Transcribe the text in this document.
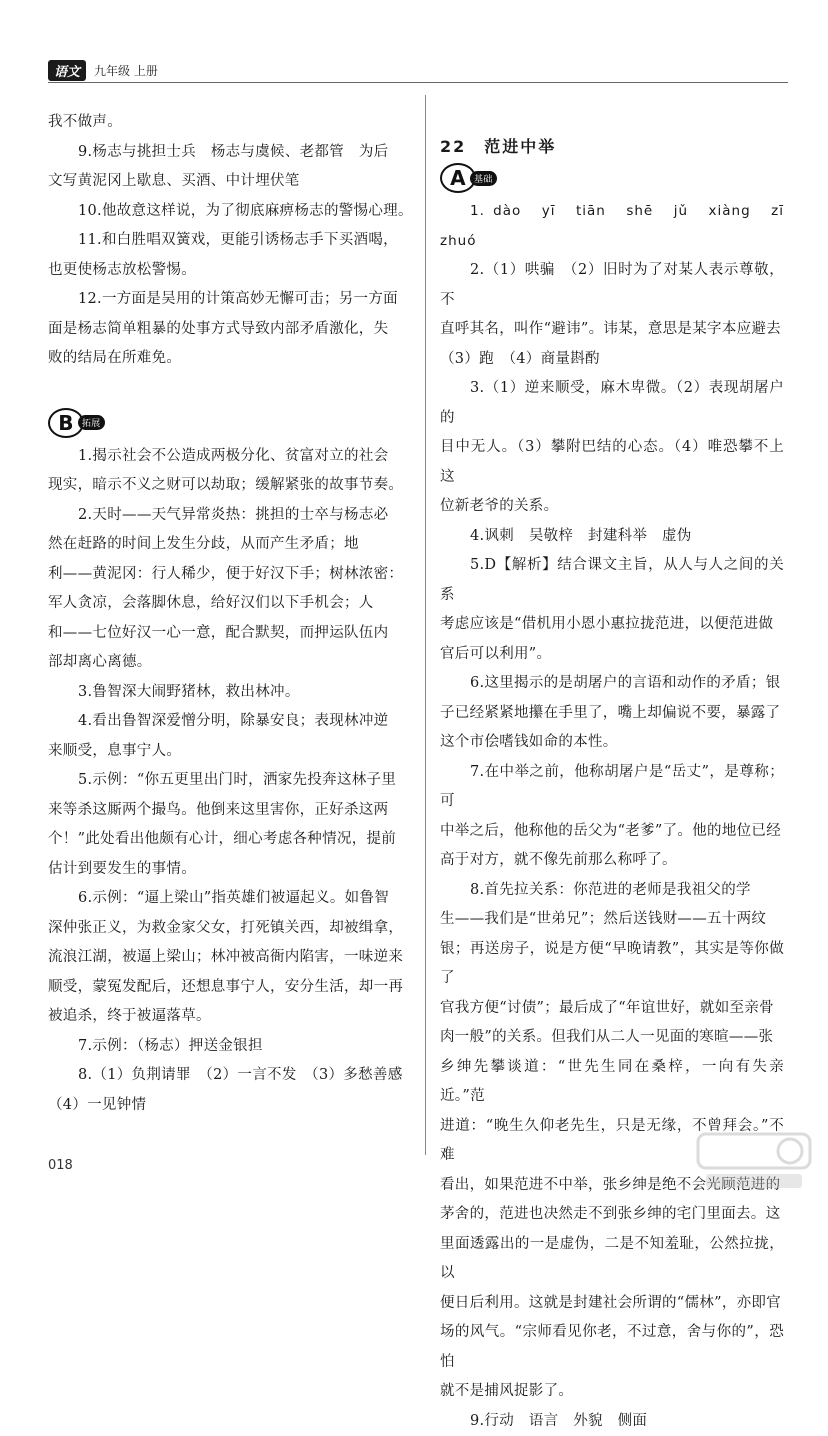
语文	九年级 上册

我不做声。

9.杨志与挑担士兵　杨志与虞候、老都管　为后

文写黄泥冈上歇息、买酒、中计埋伏笔

10.他故意这样说，为了彻底麻痹杨志的警惕心理。

11.和白胜唱双簧戏，更能引诱杨志手下买酒喝，

也更使杨志放松警惕。

12.一方面是吴用的计策高妙无懈可击；另一方面

面是杨志简单粗暴的处事方式导致内部矛盾激化，失

败的结局在所难免。

B 拓展

1.揭示社会不公造成两极分化、贫富对立的社会

现实，暗示不义之财可以劫取；缓解紧张的故事节奏。

2.天时——天气异常炎热：挑担的士卒与杨志必

然在赶路的时间上发生分歧，从而产生矛盾；地

利——黄泥冈：行人稀少，便于好汉下手；树林浓密：

军人贪凉，会落脚休息，给好汉们以下手机会；人

和——七位好汉一心一意，配合默契，而押运队伍内

部却离心离德。

3.鲁智深大闹野猪林，救出林冲。

4.看出鲁智深爱憎分明，除暴安良；表现林冲逆

来顺受，息事宁人。

5.示例：“你五更里出门时，洒家先投奔这林子里

来等杀这厮两个撮鸟。他倒来这里害你，正好杀这两

个！”此处看出他颇有心计，细心考虑各种情况，提前

估计到要发生的事情。

6.示例：“逼上梁山”指英雄们被逼起义。如鲁智

深仲张正义，为救金家父女，打死镇关西，却被缉拿，

流浪江湖，被逼上梁山；林冲被高衙内陷害，一味逆来

顺受，蒙冤发配后，还想息事宁人，安分生活，却一再

被追杀，终于被逼落草。

7.示例：（杨志）押送金银担

8.（1）负荆请罪　（2）一言不发　（3）多愁善感

（4）一见钟情

22　范进中举

A 基础

1. dào　yī　tiān　shē　jǔ　xiàng　zī　zhuó

2.（1）哄骗　（2）旧时为了对某人表示尊敬，不

直呼其名，叫作“避讳”。讳某，意思是某字本应避去

（3）跑　（4）商量斟酌

3.（1）逆来顺受，麻木卑微。（2）表现胡屠户的

目中无人。（3）攀附巴结的心态。（4）唯恐攀不上这

位新老爷的关系。

4.讽刺　吴敬梓　封建科举　虚伪

5.D【解析】结合课文主旨，从人与人之间的关系

考虑应该是“借机用小恩小惠拉拢范进，以便范进做

官后可以利用”。

6.这里揭示的是胡屠户的言语和动作的矛盾；银

子已经紧紧地攥在手里了，嘴上却偏说不要，暴露了

这个市侩嗜钱如命的本性。

7.在中举之前，他称胡屠户是“岳丈”，是尊称；可

中举之后，他称他的岳父为“老爹”了。他的地位已经

高于对方，就不像先前那么称呼了。

8.首先拉关系：你范进的老师是我祖父的学

生——我们是“世弟兄”；然后送钱财——五十两纹

银；再送房子，说是方便“早晚请教”，其实是等你做了

官我方便“讨债”；最后成了“年谊世好，就如至亲骨

肉一般”的关系。但我们从二人一见面的寒暄——张

乡绅先攀谈道：“世先生同在桑梓，一向有失亲近。”范

进道：“晚生久仰老先生，只是无缘，不曾拜会。”不难

看出，如果范进不中举，张乡绅是绝不会光顾范进的

茅舍的，范进也决然走不到张乡绅的宅门里面去。这

里面透露出的一是虚伪，二是不知羞耻，公然拉拢，以

便日后利用。这就是封建社会所谓的“儒林”，亦即官

场的风气。“宗师看见你老，不过意，舍与你的”，恐怕

就不是捕风捉影了。

9.行动　语言　外貌　侧面

018
